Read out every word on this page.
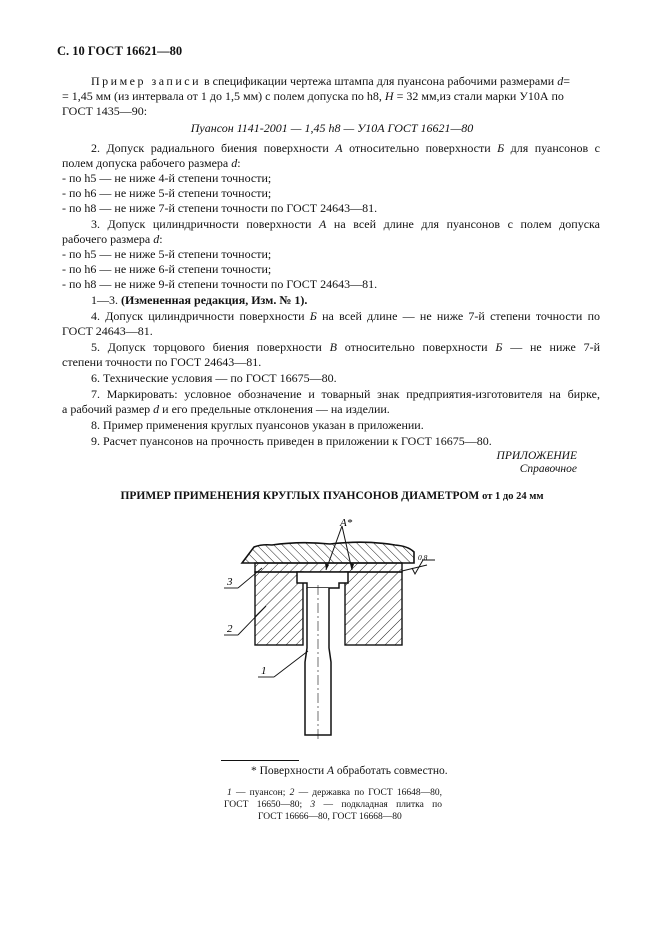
С. 10 ГОСТ 16621—80
Пример записи в спецификации чертежа штампа для пуансона рабочими размерами d=
= 1,45 мм (из интервала от 1 до 1,5 мм) с полем допуска по h8, H = 32 мм,из стали марки У10А по
ГОСТ 1435—90:
Пуансон 1141-2001 — 1,45 h8 — У10А ГОСТ 16621—80
2. Допуск радиального биения поверхности А относительно поверхности Б для пуансонов с
полем допуска рабочего размера d:
- по h5 — не ниже 4-й степени точности;
- по h6 — не ниже 5-й степени точности;
- по h8 — не ниже 7-й степени точности по ГОСТ 24643—81.
3. Допуск цилиндричности поверхности А на всей длине для пуансонов с полем допуска
рабочего размера d:
- по h5 — не ниже 5-й степени точности;
- по h6 — не ниже 6-й степени точности;
- по h8 — не ниже 9-й степени точности по ГОСТ 24643—81.
1—3. (Измененная редакция, Изм. № 1).
4. Допуск цилиндричности поверхности Б на всей длине — не ниже 7-й степени точности по
ГОСТ 24643—81.
5. Допуск торцового биения поверхности В относительно поверхности Б — не ниже 7-й
степени точности по ГОСТ 24643—81.
6. Технические условия — по ГОСТ 16675—80.
7. Маркировать: условное обозначение и товарный знак предприятия-изготовителя на бирке,
а рабочий размер d и его предельные отклонения — на изделии.
8. Пример применения круглых пуансонов указан в приложении.
9. Расчет пуансонов на прочность приведен в приложении к ГОСТ 16675—80.
ПРИЛОЖЕНИЕ
Справочное
ПРИМЕР ПРИМЕНЕНИЯ КРУГЛЫХ ПУАНСОНОВ ДИАМЕТРОМ от 1 до 24 мм
А*
0,8
3
2
1
* Поверхности А обработать совместно.
1 — пуансон; 2 — державка по ГОСТ 16648—80,
ГОСТ 16650—80; 3 — подкладная плитка по
ГОСТ 16666—80, ГОСТ 16668—80
